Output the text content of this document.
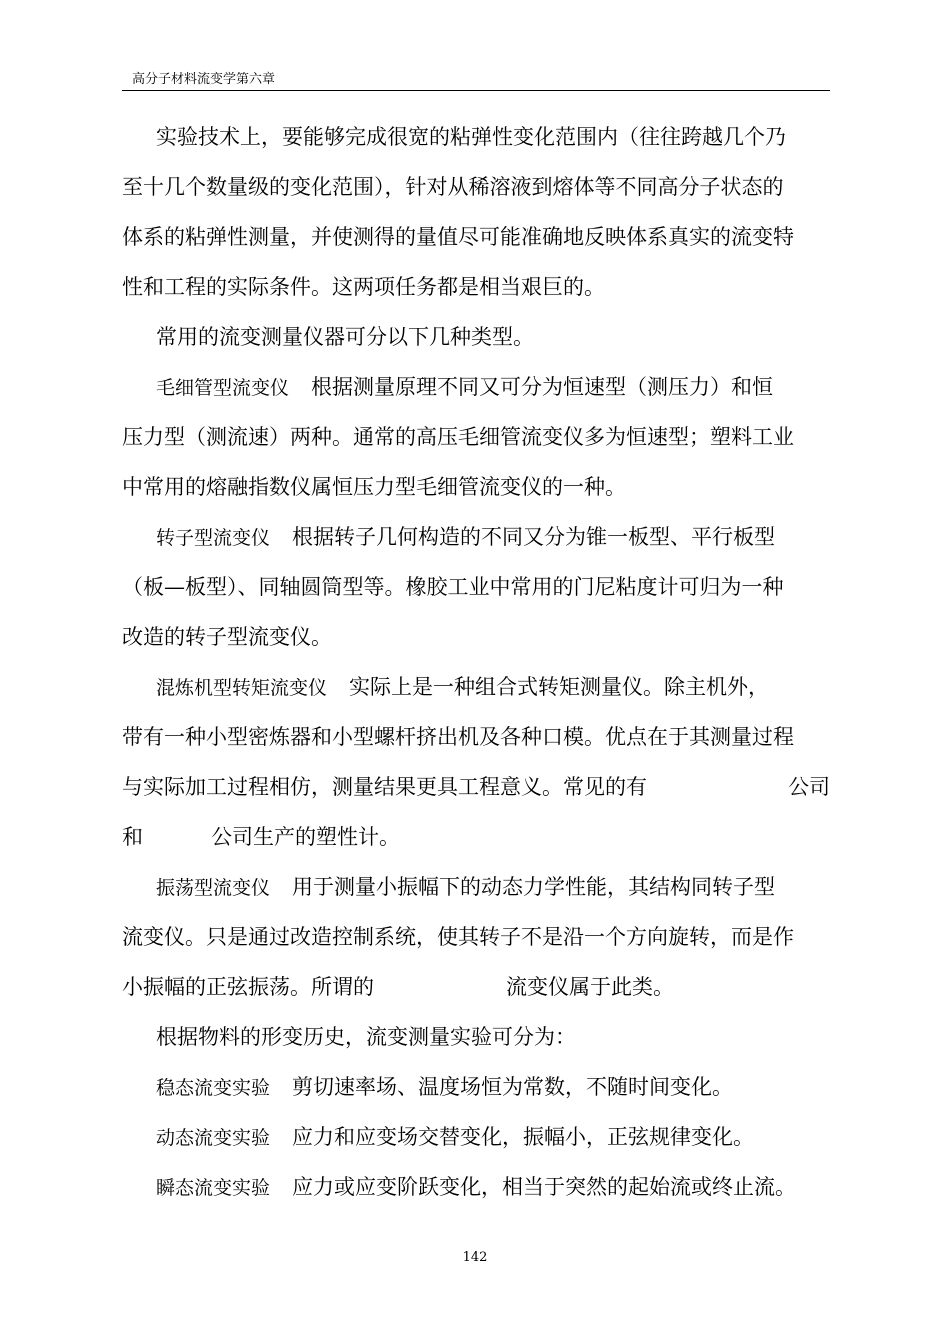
高分子材料流变学第六章
实验技术上，要能够完成很宽的粘弹性变化范围内（往往跨越几个乃
至十几个数量级的变化范围），针对从稀溶液到熔体等不同高分子状态的
体系的粘弹性测量，并使测得的量值尽可能准确地反映体系真实的流变特
性和工程的实际条件。这两项任务都是相当艰巨的。
常用的流变测量仪器可分以下几种类型。
毛细管型流变仪 根据测量原理不同又可分为恒速型（测压力）和恒
压力型（测流速）两种。通常的高压毛细管流变仪多为恒速型；塑料工业
中常用的熔融指数仪属恒压力型毛细管流变仪的一种。
转子型流变仪 根据转子几何构造的不同又分为锥一板型、平行板型
（板—板型）、同轴圆筒型等。橡胶工业中常用的门尼粘度计可归为一种
改造的转子型流变仪。
混炼机型转矩流变仪 实际上是一种组合式转矩测量仪。除主机外，
带有一种小型密炼器和小型螺杆挤出机及各种口模。优点在于其测量过程
与实际加工过程相仿，测量结果更具工程意义。常见的有	公司
和	公司生产的塑性计。
振荡型流变仪 用于测量小振幅下的动态力学性能，其结构同转子型
流变仪。只是通过改造控制系统，使其转子不是沿一个方向旋转，而是作
小振幅的正弦振荡。所谓的	流变仪属于此类。
根据物料的形变历史，流变测量实验可分为：
稳态流变实验 剪切速率场、温度场恒为常数，不随时间变化。
动态流变实验 应力和应变场交替变化，振幅小，正弦规律变化。
瞬态流变实验 应力或应变阶跃变化，相当于突然的起始流或终止流。
142
